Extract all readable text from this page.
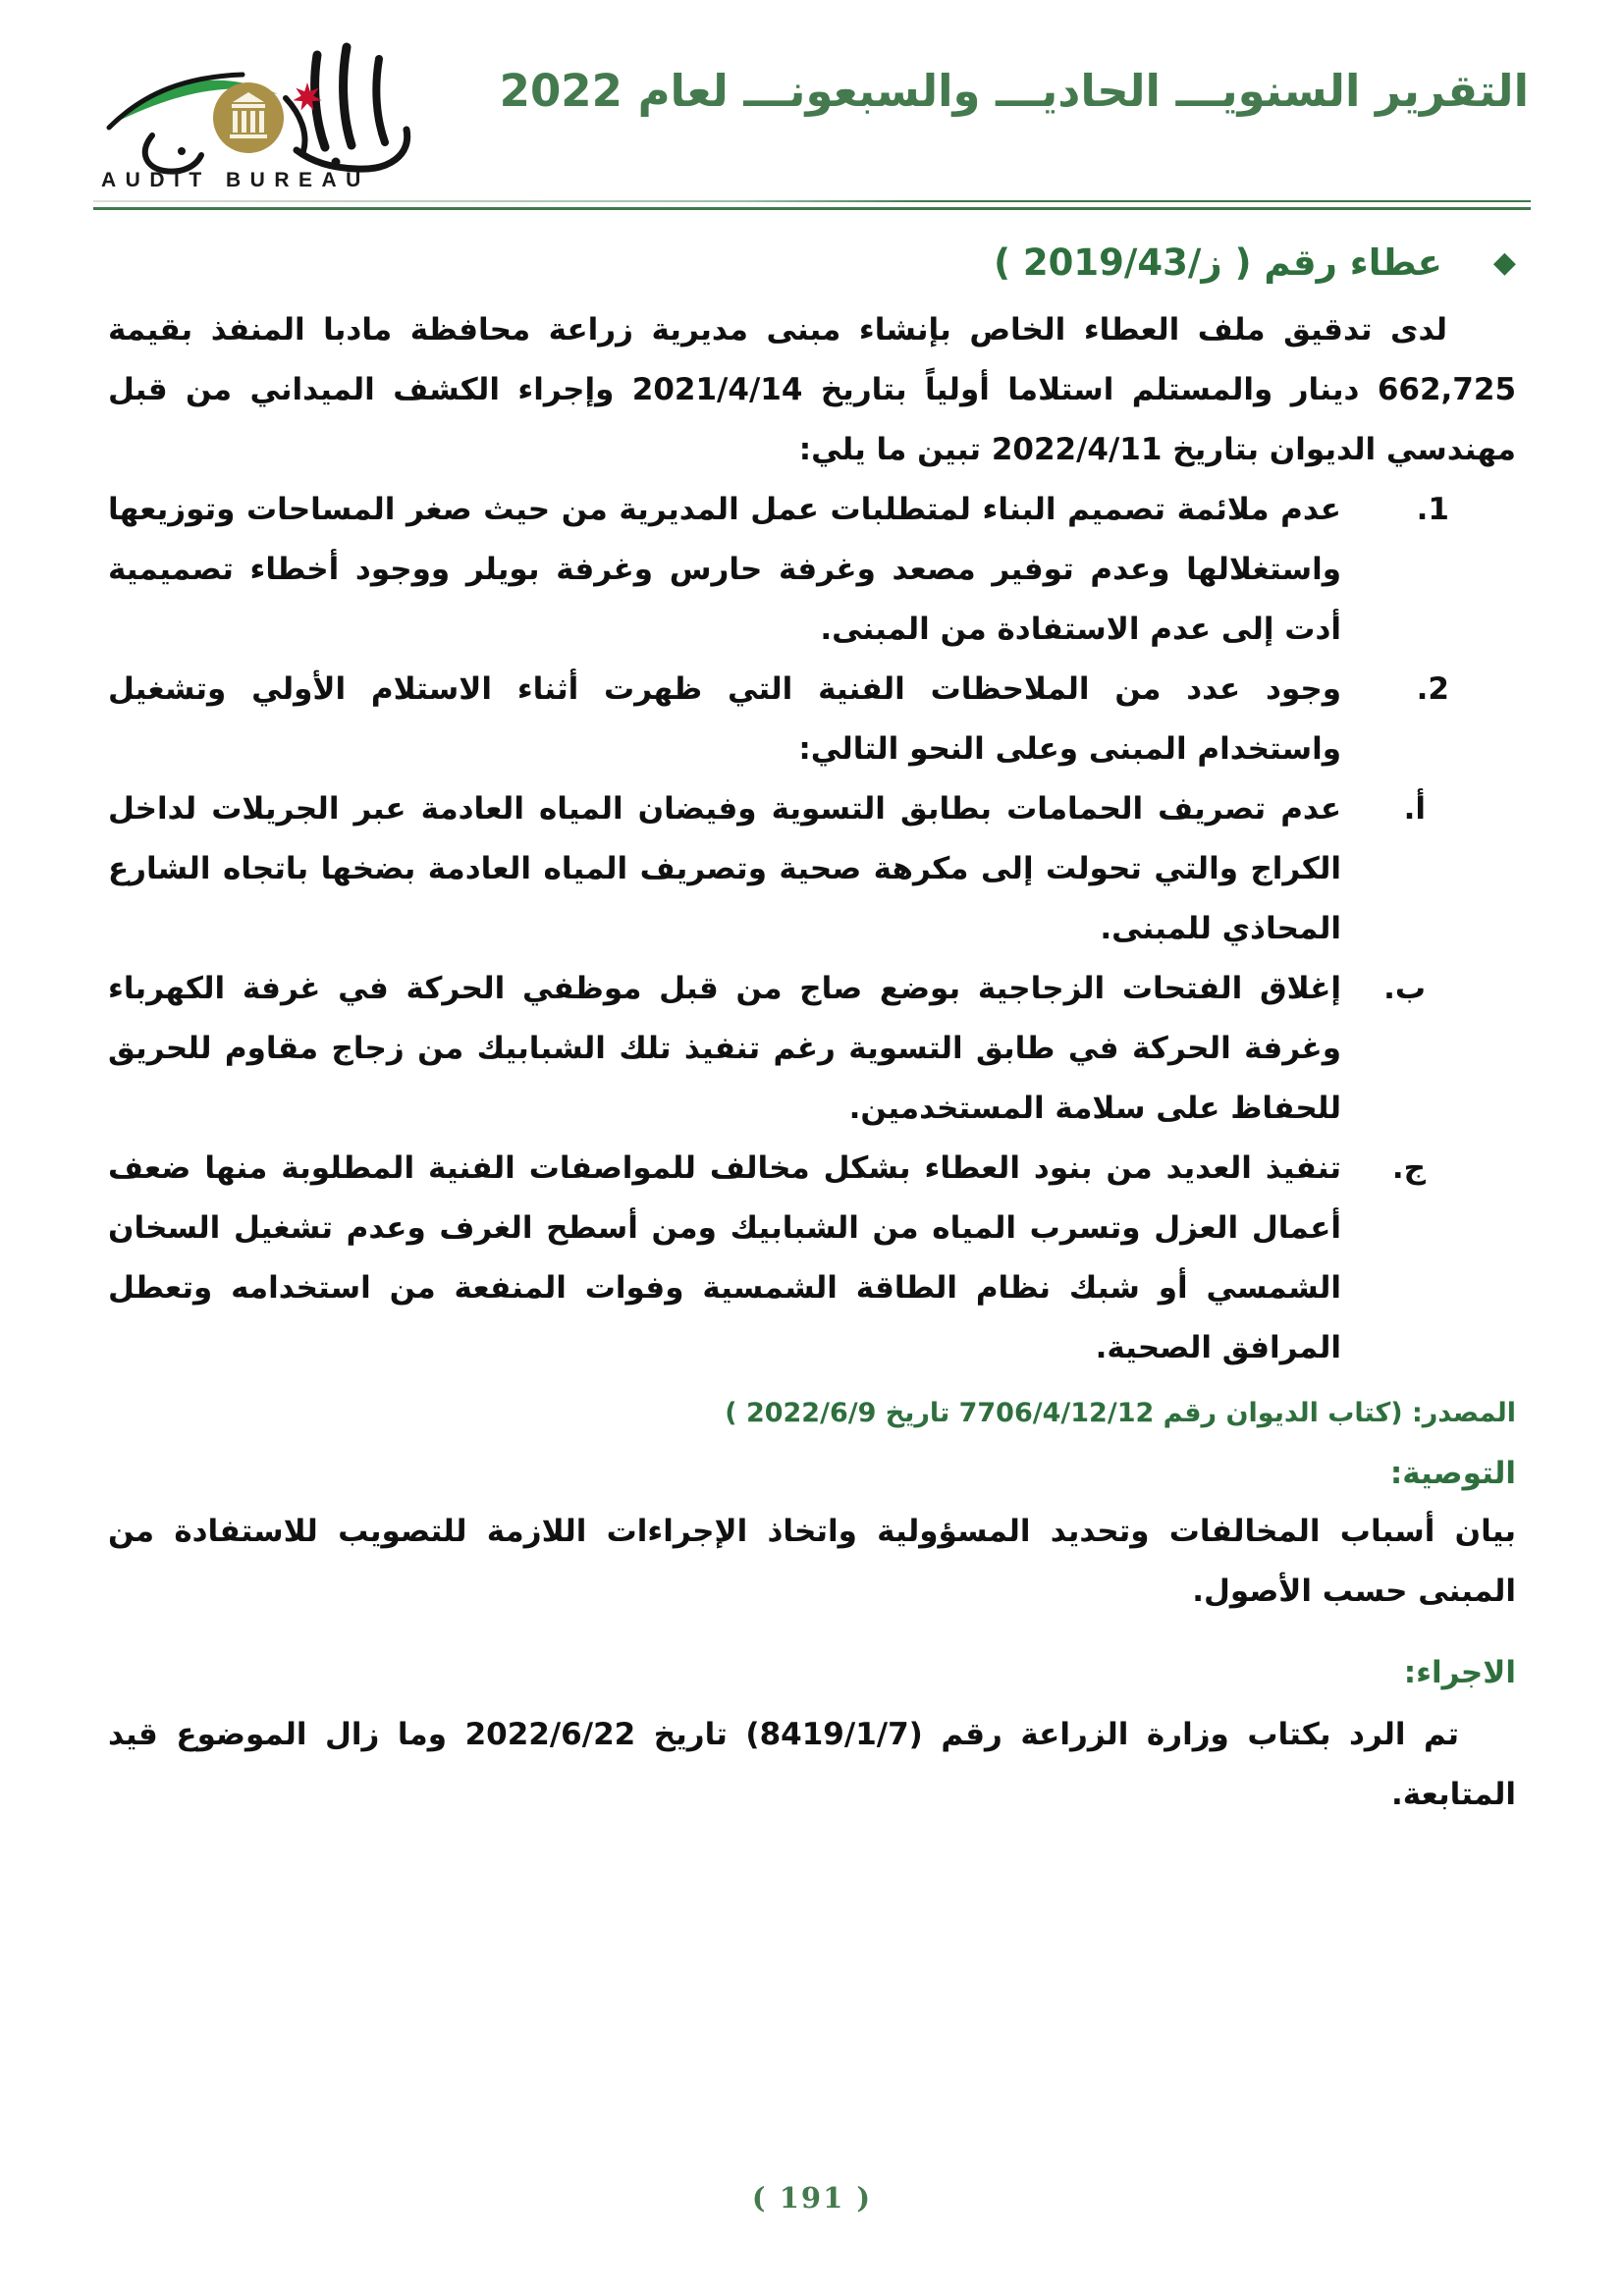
AUDIT BUREAU
التقرير السنويـــ الحاديـــ والسبعونـــ لعام 2022
◆
عطاء رقم ( ز/2019/43 )

لدى تدقيق ملف العطاء الخاص بإنشاء مبنى مديرية زراعة محافظة مادبا المنفذ بقيمة 662,725 دينار والمستلم استلاما أولياً بتاريخ 2021/4/14 وإجراء الكشف الميداني من قبل مهندسي الديوان بتاريخ 2022/4/11 تبين ما يلي:

1.
عدم ملائمة تصميم البناء لمتطلبات عمل المديرية من حيث صغر المساحات وتوزيعها واستغلالها وعدم توفير مصعد وغرفة حارس وغرفة بويلر ووجود أخطاء تصميمية أدت إلى عدم الاستفادة من المبنى.
2.
وجود عدد من الملاحظات الفنية التي ظهرت أثناء الاستلام الأولي وتشغيل واستخدام المبنى وعلى النحو التالي:
أ.
عدم تصريف الحمامات بطابق التسوية وفيضان المياه العادمة عبر الجريلات لداخل الكراج والتي تحولت إلى مكرهة صحية وتصريف المياه العادمة بضخها باتجاه الشارع المحاذي للمبنى.
ب.
إغلاق الفتحات الزجاجية بوضع صاج من قبل موظفي الحركة في غرفة الكهرباء وغرفة الحركة في طابق التسوية رغم تنفيذ تلك الشبابيك من زجاج مقاوم للحريق للحفاظ على سلامة المستخدمين.
ج.
تنفيذ العديد من بنود العطاء بشكل مخالف للمواصفات الفنية المطلوبة منها ضعف أعمال العزل وتسرب المياه من الشبابيك ومن أسطح الغرف وعدم تشغيل السخان الشمسي أو شبك نظام الطاقة الشمسية وفوات المنفعة من استخدامه وتعطل المرافق الصحية.
المصدر: (كتاب الديوان رقم 7706/4/12/12 تاريخ 2022/6/9 )
التوصية:

بيان أسباب المخالفات وتحديد المسؤولية واتخاذ الإجراءات اللازمة للتصويب للاستفادة من المبنى حسب الأصول.

الاجراء:

تم الرد بكتاب وزارة الزراعة رقم (8419/1/7) تاريخ 2022/6/22 وما زال الموضوع قيد المتابعة.

( 191 )
